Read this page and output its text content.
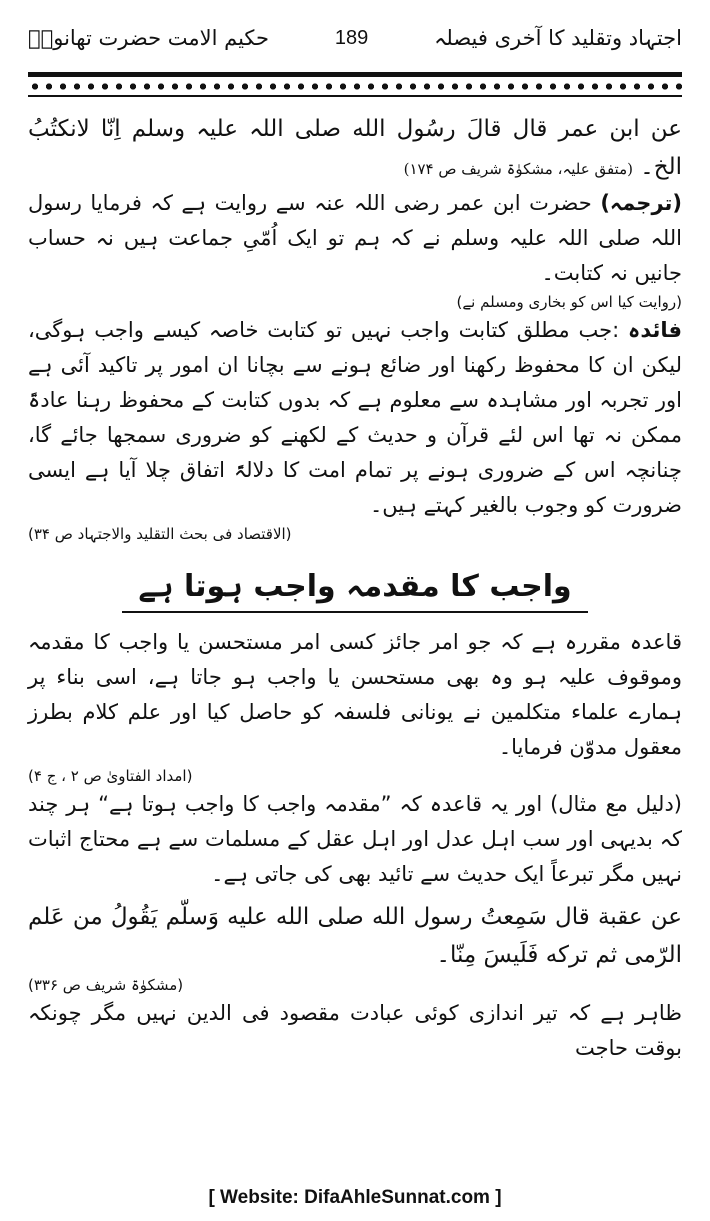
اجتہاد وتقلید کا آخری فیصلہ
189
حکیم الامت حضرت تھانویؒ

عن ابن عمر قال قالَ رسُول الله صلی اللہ علیہ وسلم اِنّا لانکتُبُ الخ۔ (متفق علیہ، مشکوٰۃ شریف ص ۱۷۴)

(ترجمہ) حضرت ابن عمر رضی اللہ عنہ سے روایت ہے کہ فرمایا رسول اللہ صلی اللہ علیہ وسلم نے کہ ہم تو ایک اُمّیِ جماعت ہیں نہ حساب جانیں نہ کتابت۔

(روایت کیا اس کو بخاری ومسلم نے)

فائدہ :جب مطلق کتابت واجب نہیں تو کتابت خاصہ کیسے واجب ہوگی، لیکن ان کا محفوظ رکھنا اور ضائع ہونے سے بچانا ان امور پر تاکید آئی ہے اور تجربہ اور مشاہدہ سے معلوم ہے کہ بدوں کتابت کے محفوظ رہنا عادۃً ممکن نہ تھا اس لئے قرآن و حدیث کے لکھنے کو ضروری سمجھا جائے گا، چنانچہ اس کے ضروری ہونے پر تمام امت کا دلالۃً اتفاق چلا آیا ہے ایسی ضرورت کو وجوب بالغیر کہتے ہیں۔

(الاقتصاد فی بحث التقلید والاجتہاد ص ۳۴)

واجب کا مقدمہ واجب ہوتا ہے

قاعدہ مقررہ ہے کہ جو امر جائز کسی امر مستحسن یا واجب کا مقدمہ وموقوف علیہ ہو وہ بھی مستحسن یا واجب ہو جاتا ہے، اسی بناء پر ہمارے علماء متکلمین نے یونانی فلسفہ کو حاصل کیا اور علم کلام بطرز معقول مدوّن فرمایا۔

(امداد الفتاویٰ ص ۲ ، ج ۴)

(دلیل مع مثال) اور یہ قاعدہ کہ ”مقدمہ واجب کا واجب ہوتا ہے“ ہر چند کہ بدیہی اور سب اہل عدل اور اہل عقل کے مسلمات سے ہے محتاج اثبات نہیں مگر تبرعاً ایک حدیث سے تائید بھی کی جاتی ہے۔

عن عقبة قال سَمِعتُ رسول الله صلی الله علیه وَسلّم یَقُولُ من عَلم الرّمی ثم ترکه فَلَیسَ مِنّا۔

(مشکوٰۃ شریف ص ۳۳۶)

ظاہر ہے کہ تیر اندازی کوئی عبادت مقصود فی الدین نہیں مگر چونکہ بوقت حاجت

[ Website: DifaAhleSunnat.com ]
